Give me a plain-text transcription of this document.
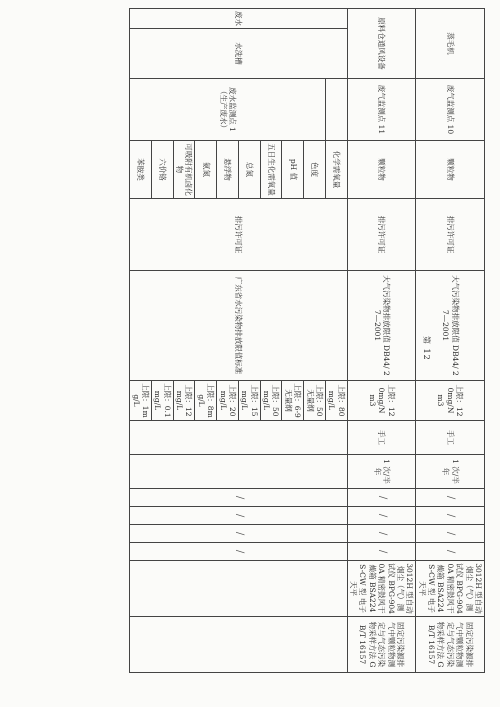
蒸毛机		废气监测点 10	颗粒物	排污许可证	大气污染物排放限值 DB44/ 27—2001	上限：120mg/N m3	手工	1 次/半年	/	/	/	/	3012H 型自动烟尘（气）测试仪 BPG-9040A 精密鼓风干燥箱 BSA224S-CW 型 电子天平	固定污染源排气中颗粒物测定与气态污染物采样方法 GB/T 16157
原料仓通风设备		废气监测点 11	颗粒物	排污许可证	大气污染物排放限值 DB44/ 27—2001	上限：120mg/N m3	手工	1 次/半年	/	/	/	/	3012H 型自动烟尘（气）测试仪 BPG-9040A 精密鼓风干燥箱 BSA224S-CW 型 电子天平	固定污染源排气中颗粒物测定与气态污染物采样方法 GB/T 16157
废水	水洗槽		化学需氧量	排污许可证	广东省水污染物排放限值标准	上限：80mg/L			/	/	/	/		
		废水监测点 1（生产废水）	色度			上限：50 无量纲								
			pH 值			上限：6-9 无量纲								
			五日生化需氧量			上限：50mg/L								
			总氮			上限：15mg/L								
			悬浮物			上限：20mg/L								
			氨氮			上限：8mg/L								
			可吸附有机卤化物			上限：12mg/L								
			六价铬			上限：0.1mg/L								
			苯胺类			上限：1mg/L								
第 12
